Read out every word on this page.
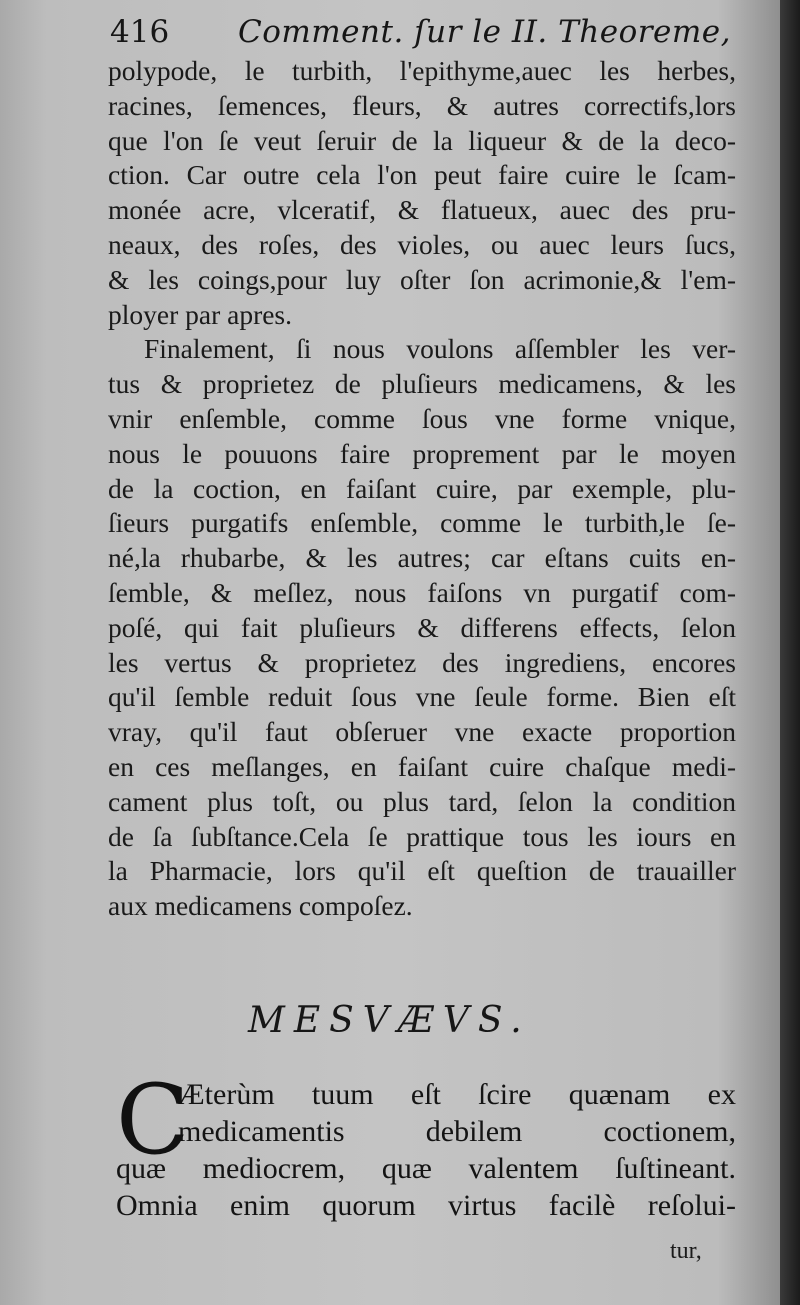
416 Comment. ſur le II. Theoreme,
polypode, le turbith, l'epithyme,auec les herbes,
racines, ſemences, fleurs, & autres correctifs,lors
que l'on ſe veut ſeruir de la liqueur & de la deco-
ction. Car outre cela l'on peut faire cuire le ſcam-
monée acre, vlceratif, & flatueux, auec des pru-
neaux, des roſes, des violes, ou auec leurs ſucs,
& les coings,pour luy oſter ſon acrimonie,& l'em-
ployer par apres.
Finalement, ſi nous voulons aſſembler les ver-
tus & proprietez de pluſieurs medicamens, & les
vnir enſemble, comme ſous vne forme vnique,
nous le pouuons faire proprement par le moyen
de la coction, en faiſant cuire, par exemple, plu-
ſieurs purgatifs enſemble, comme le turbith,le ſe-
né,la rhubarbe, & les autres; car eſtans cuits en-
ſemble, & meſlez, nous faiſons vn purgatif com-
poſé, qui fait pluſieurs & differens effects, ſelon
les vertus & proprietez des ingrediens, encores
qu'il ſemble reduit ſous vne ſeule forme. Bien eſt
vray, qu'il faut obſeruer vne exacte proportion
en ces meſlanges, en faiſant cuire chaſque medi-
cament plus toſt, ou plus tard, ſelon la condition
de ſa ſubſtance.Cela ſe prattique tous les iours en
la Pharmacie, lors qu'il eſt queſtion de trauailler
aux medicamens compoſez.
MESVÆVS.
C
Æterùm tuum eſt ſcire quænam ex
medicamentis debilem coctionem,
quæ mediocrem, quæ valentem ſuſtineant.
Omnia enim quorum virtus facilè reſolui-
tur,
